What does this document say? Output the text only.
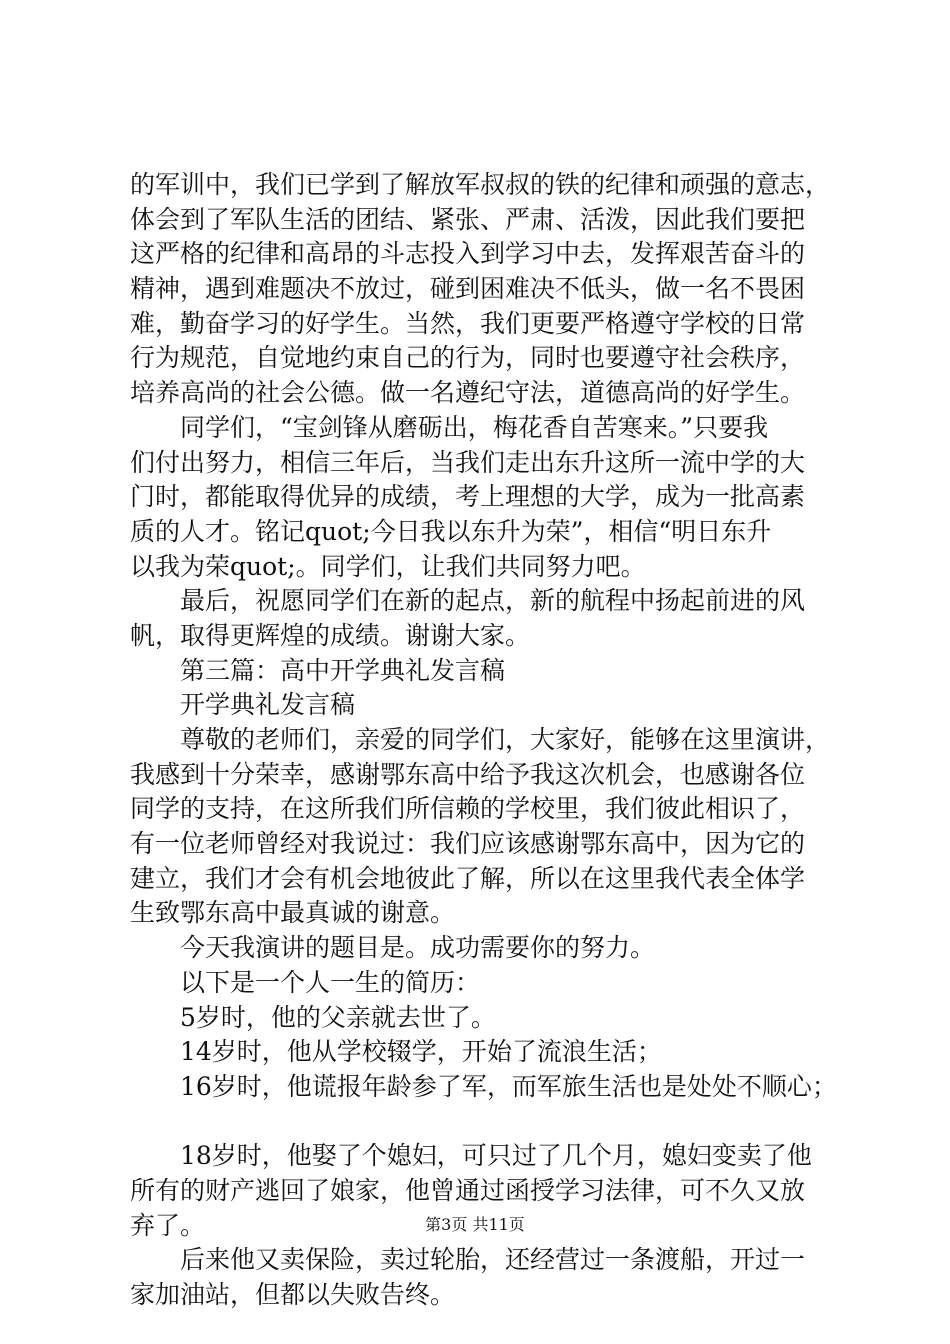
的军训中，我们已学到了解放军叔叔的铁的纪律和顽强的意志，
体会到了军队生活的团结、紧张、严肃、活泼，因此我们要把
这严格的纪律和高昂的斗志投入到学习中去，发挥艰苦奋斗的
精神，遇到难题决不放过，碰到困难决不低头，做一名不畏困
难，勤奋学习的好学生。当然，我们更要严格遵守学校的日常
行为规范，自觉地约束自己的行为，同时也要遵守社会秩序，
培养高尚的社会公德。做一名遵纪守法，道德高尚的好学生。
同学们，“宝剑锋从磨砺出，梅花香自苦寒来。”只要我
们付出努力，相信三年后，当我们走出东升这所一流中学的大
门时，都能取得优异的成绩，考上理想的大学，成为一批高素
质的人才。铭记quot;今日我以东升为荣”，相信“明日东升
以我为荣quot;。同学们，让我们共同努力吧。
最后，祝愿同学们在新的起点，新的航程中扬起前进的风
帆，取得更辉煌的成绩。谢谢大家。
第三篇：高中开学典礼发言稿
开学典礼发言稿
尊敬的老师们，亲爱的同学们，大家好，能够在这里演讲，
我感到十分荣幸，感谢鄂东高中给予我这次机会，也感谢各位
同学的支持，在这所我们所信赖的学校里，我们彼此相识了，
有一位老师曾经对我说过：我们应该感谢鄂东高中，因为它的
建立，我们才会有机会地彼此了解，所以在这里我代表全体学
生致鄂东高中最真诚的谢意。
今天我演讲的题目是。成功需要你的努力。
以下是一个人一生的简历：
5岁时，他的父亲就去世了。
14岁时，他从学校辍学，开始了流浪生活；
16岁时，他谎报年龄参了军，而军旅生活也是处处不顺心；
18岁时，他娶了个媳妇，可只过了几个月，媳妇变卖了他
所有的财产逃回了娘家，他曾通过函授学习法律，可不久又放
弃了。
后来他又卖保险，卖过轮胎，还经营过一条渡船，开过一
家加油站，但都以失败告终。
第3页 共11页
